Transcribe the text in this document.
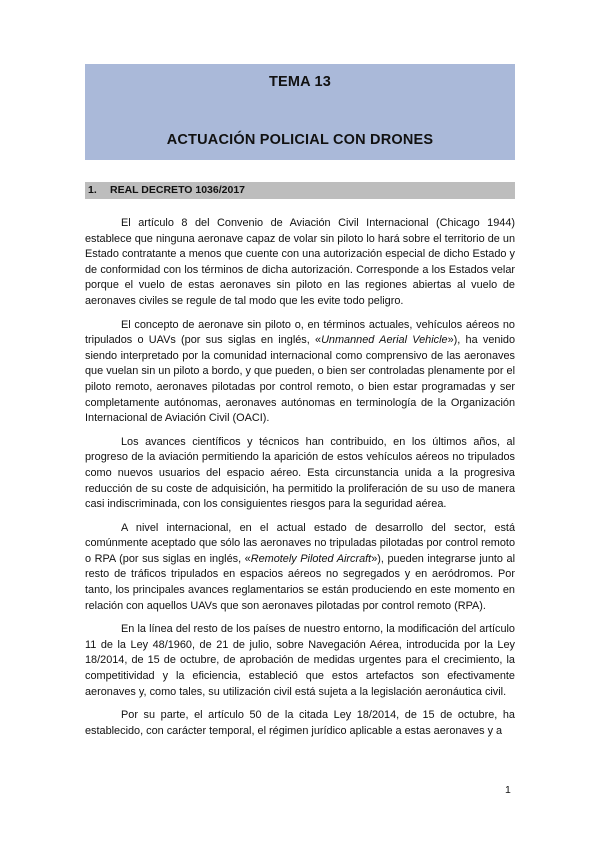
TEMA 13
ACTUACIÓN POLICIAL CON DRONES
1. REAL DECRETO 1036/2017

El artículo 8 del Convenio de Aviación Civil Internacional (Chicago 1944) establece que ninguna aeronave capaz de volar sin piloto lo hará sobre el territorio de un Estado contratante a menos que cuente con una autorización especial de dicho Estado y de conformidad con los términos de dicha autorización. Corresponde a los Estados velar porque el vuelo de estas aeronaves sin piloto en las regiones abiertas al vuelo de aeronaves civiles se regule de tal modo que les evite todo peligro.

El concepto de aeronave sin piloto o, en términos actuales, vehículos aéreos no tripulados o UAVs (por sus siglas en inglés, «Unmanned Aerial Vehicle»), ha venido siendo interpretado por la comunidad internacional como comprensivo de las aeronaves que vuelan sin un piloto a bordo, y que pueden, o bien ser controladas plenamente por el piloto remoto, aeronaves pilotadas por control remoto, o bien estar programadas y ser completamente autónomas, aeronaves autónomas en terminología de la Organización Internacional de Aviación Civil (OACI).

Los avances científicos y técnicos han contribuido, en los últimos años, al progreso de la aviación permitiendo la aparición de estos vehículos aéreos no tripulados como nuevos usuarios del espacio aéreo. Esta circunstancia unida a la progresiva reducción de su coste de adquisición, ha permitido la proliferación de su uso de manera casi indiscriminada, con los consiguientes riesgos para la seguridad aérea.

A nivel internacional, en el actual estado de desarrollo del sector, está comúnmente aceptado que sólo las aeronaves no tripuladas pilotadas por control remoto o RPA (por sus siglas en inglés, «Remotely Piloted Aircraft»), pueden integrarse junto al resto de tráficos tripulados en espacios aéreos no segregados y en aeródromos. Por tanto, los principales avances reglamentarios se están produciendo en este momento en relación con aquellos UAVs que son aeronaves pilotadas por control remoto (RPA).

En la línea del resto de los países de nuestro entorno, la modificación del artículo 11 de la Ley 48/1960, de 21 de julio, sobre Navegación Aérea, introducida por la Ley 18/2014, de 15 de octubre, de aprobación de medidas urgentes para el crecimiento, la competitividad y la eficiencia, estableció que estos artefactos son efectivamente aeronaves y, como tales, su utilización civil está sujeta a la legislación aeronáutica civil.

Por su parte, el artículo 50 de la citada Ley 18/2014, de 15 de octubre, ha establecido, con carácter temporal, el régimen jurídico aplicable a estas aeronaves y a

1
